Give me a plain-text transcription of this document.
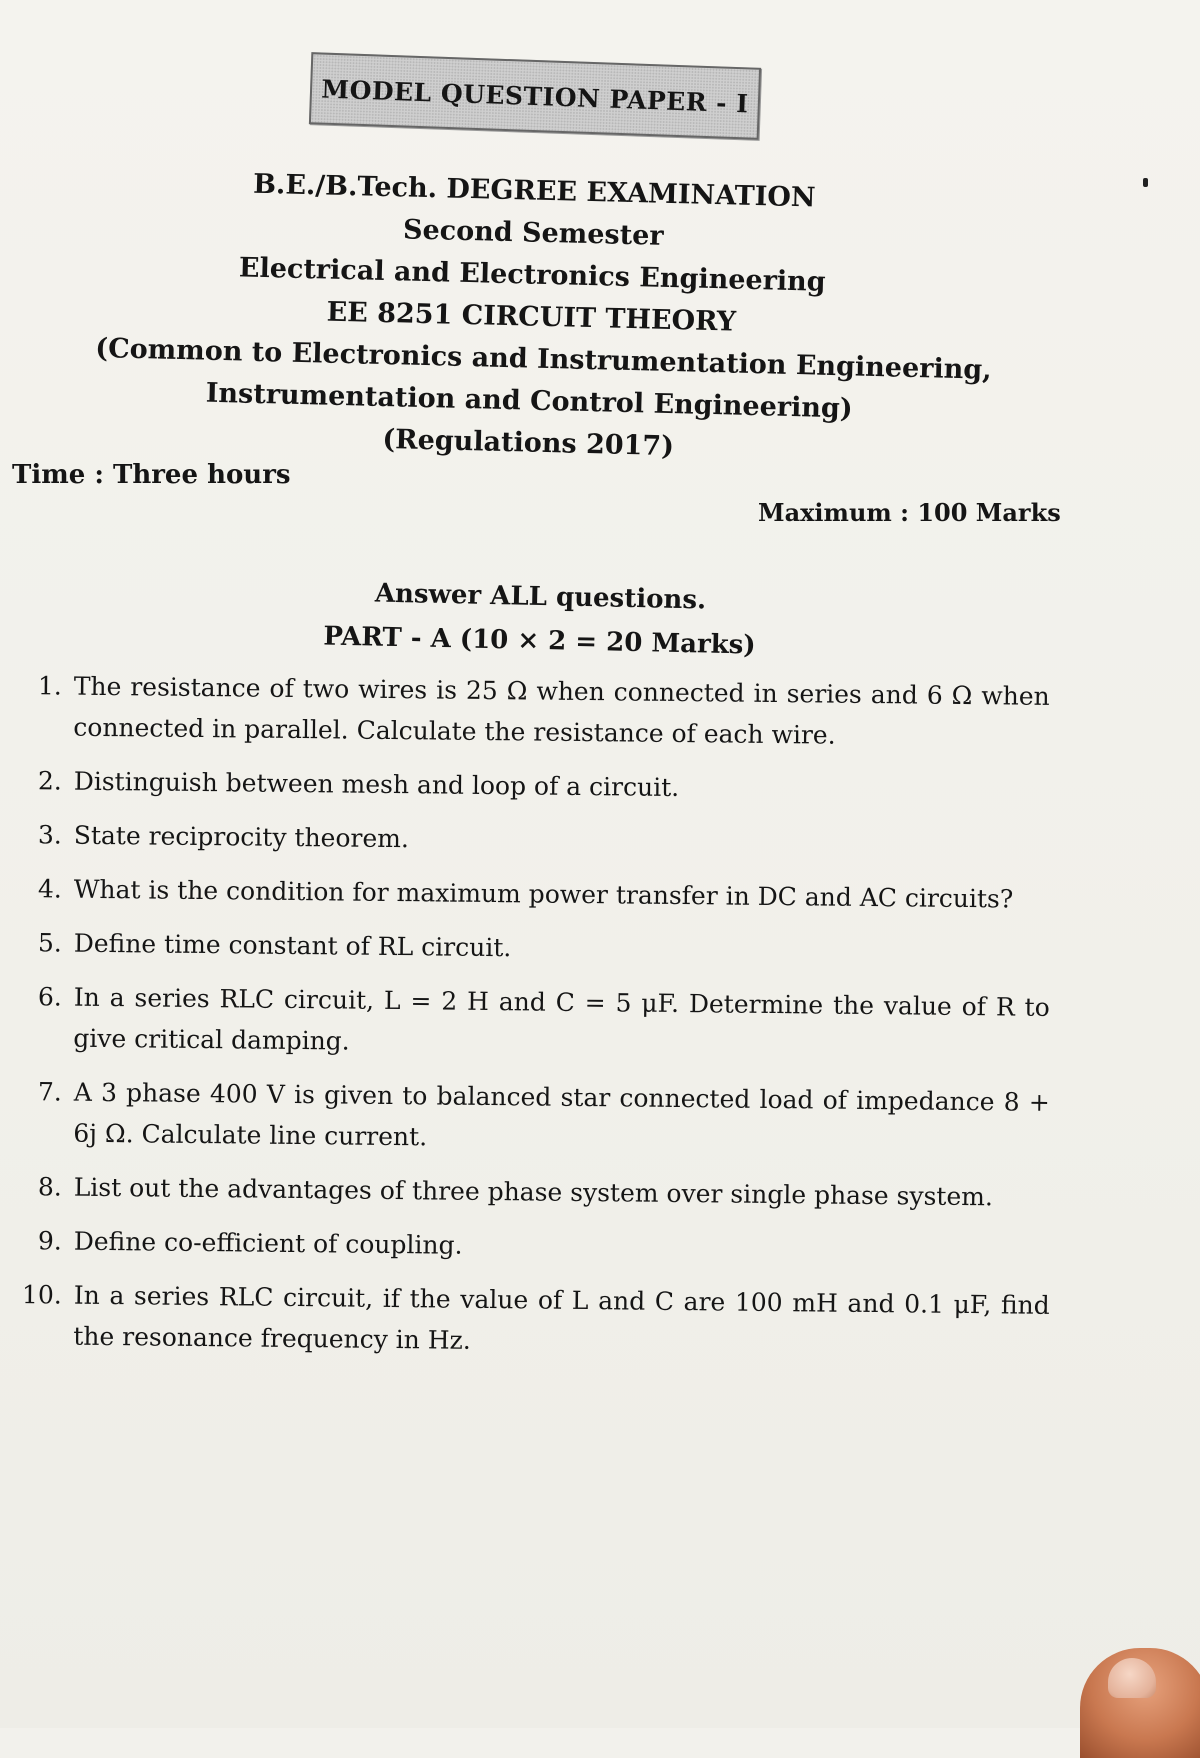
MODEL QUESTION PAPER - I
B.E./B.Tech. DEGREE EXAMINATION
Second Semester
Electrical and Electronics Engineering
EE 8251 CIRCUIT THEORY
(Common to Electronics and Instrumentation Engineering,
Instrumentation and Control Engineering)
(Regulations 2017)
Time : Three hours
Maximum : 100 Marks
Answer ALL questions.
PART - A (10 × 2 = 20 Marks)
1. The resistance of two wires is 25 Ω when connected in series and 6 Ω when connected in parallel. Calculate the resistance of each wire.
2. Distinguish between mesh and loop of a circuit.
3. State reciprocity theorem.
4. What is the condition for maximum power transfer in DC and AC circuits?
5. Define time constant of RL circuit.
6. In a series RLC circuit, L = 2 H and C = 5 μF. Determine the value of R to give critical damping.
7. A 3 phase 400 V is given to balanced star connected load of impedance 8 + 6j Ω. Calculate line current.
8. List out the advantages of three phase system over single phase system.
9. Define co-efficient of coupling.
10. In a series RLC circuit, if the value of L and C are 100 mH and 0.1 μF, find the resonance frequency in Hz.
